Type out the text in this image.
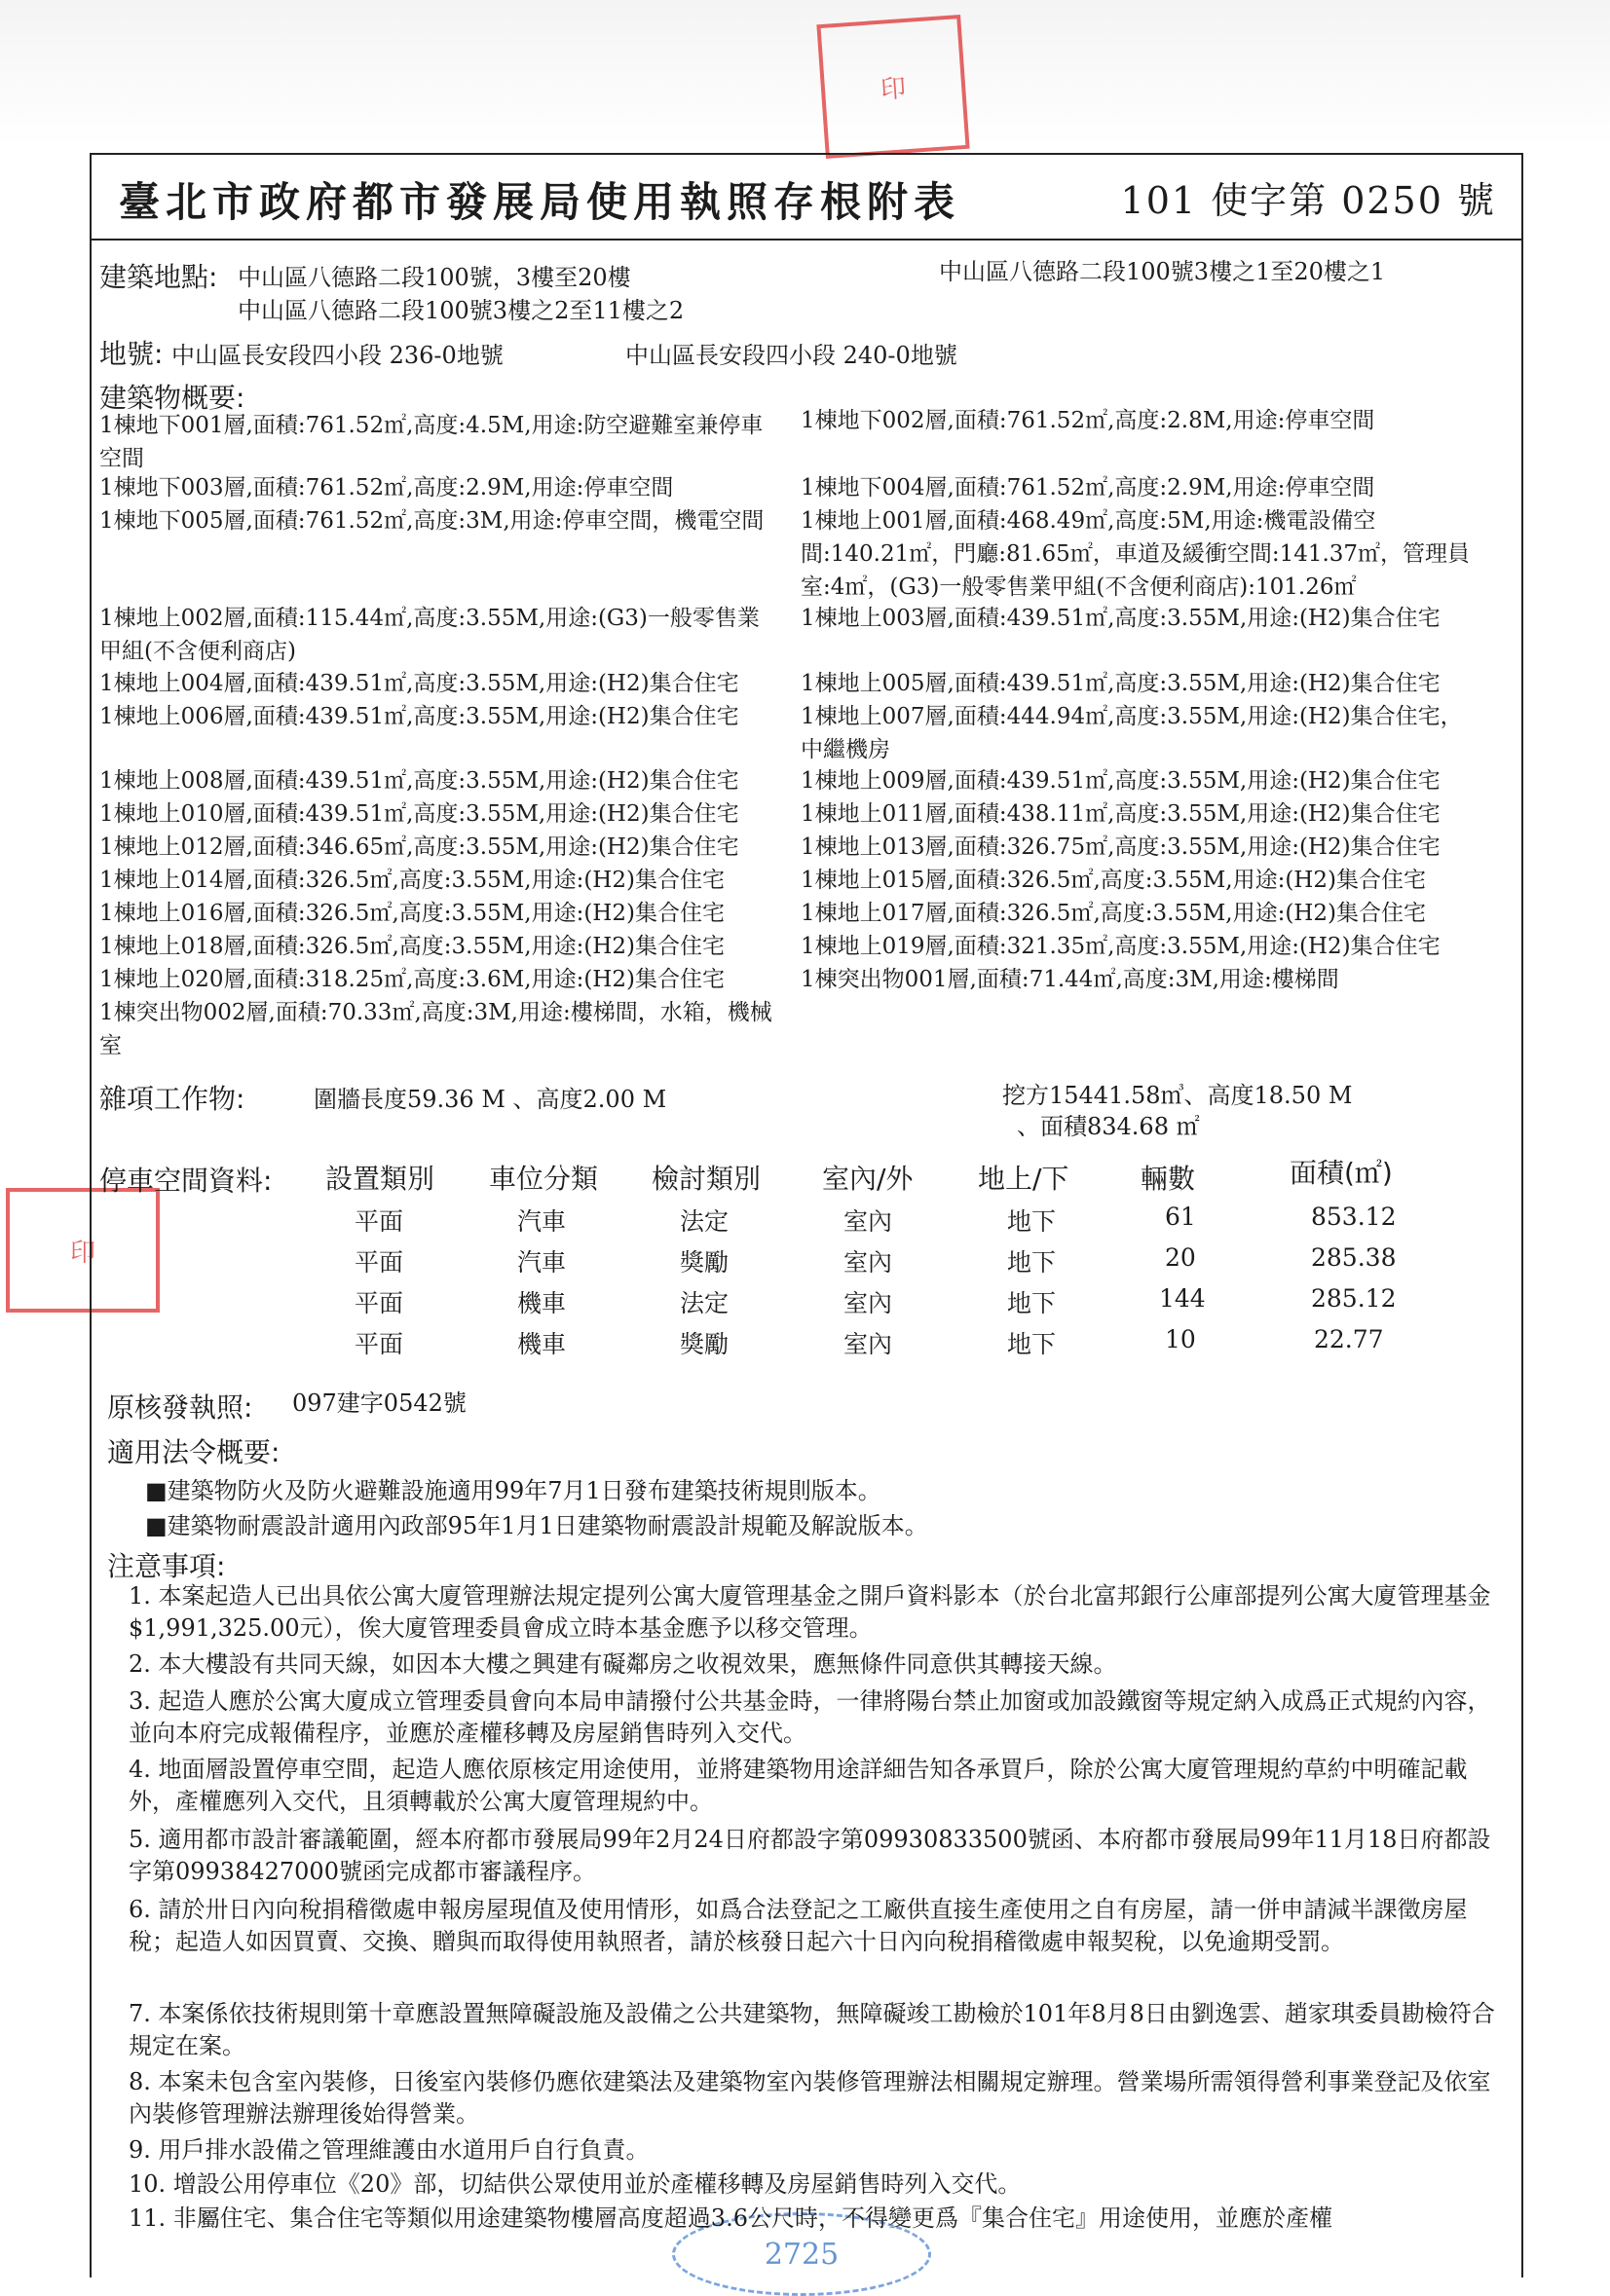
印
印
2725
臺北市政府都市發展局使用執照存根附表	101 使字第 0250 號
建築地點: 中山區八德路二段100號，3樓至20樓
中山區八德路二段100號3樓之2至11樓之2
中山區八德路二段100號3樓之1至20樓之1
地號: 中山區長安段四小段 236-0地號	中山區長安段四小段 240-0地號
建築物概要:
1棟地下001層,面積:761.52㎡,高度:4.5M,用途:防空避難室兼停車空間
1棟地下003層,面積:761.52㎡,高度:2.9M,用途:停車空間
1棟地下005層,面積:761.52㎡,高度:3M,用途:停車空間，機電空間
1棟地上002層,面積:115.44㎡,高度:3.55M,用途:(G3)一般零售業甲組(不含便利商店)
1棟地上004層,面積:439.51㎡,高度:3.55M,用途:(H2)集合住宅
1棟地上006層,面積:439.51㎡,高度:3.55M,用途:(H2)集合住宅
1棟地上008層,面積:439.51㎡,高度:3.55M,用途:(H2)集合住宅
1棟地上010層,面積:439.51㎡,高度:3.55M,用途:(H2)集合住宅
1棟地上012層,面積:346.65㎡,高度:3.55M,用途:(H2)集合住宅
1棟地上014層,面積:326.5㎡,高度:3.55M,用途:(H2)集合住宅
1棟地上016層,面積:326.5㎡,高度:3.55M,用途:(H2)集合住宅
1棟地上018層,面積:326.5㎡,高度:3.55M,用途:(H2)集合住宅
1棟地上020層,面積:318.25㎡,高度:3.6M,用途:(H2)集合住宅
1棟突出物002層,面積:70.33㎡,高度:3M,用途:樓梯間，水箱，機械室
1棟地下002層,面積:761.52㎡,高度:2.8M,用途:停車空間
1棟地下004層,面積:761.52㎡,高度:2.9M,用途:停車空間
1棟地上001層,面積:468.49㎡,高度:5M,用途:機電設備空間:140.21㎡，門廳:81.65㎡，車道及緩衝空間:141.37㎡，管理員室:4㎡，(G3)一般零售業甲組(不含便利商店):101.26㎡
1棟地上003層,面積:439.51㎡,高度:3.55M,用途:(H2)集合住宅
1棟地上005層,面積:439.51㎡,高度:3.55M,用途:(H2)集合住宅
1棟地上007層,面積:444.94㎡,高度:3.55M,用途:(H2)集合住宅，中繼機房
1棟地上009層,面積:439.51㎡,高度:3.55M,用途:(H2)集合住宅
1棟地上011層,面積:438.11㎡,高度:3.55M,用途:(H2)集合住宅
1棟地上013層,面積:326.75㎡,高度:3.55M,用途:(H2)集合住宅
1棟地上015層,面積:326.5㎡,高度:3.55M,用途:(H2)集合住宅
1棟地上017層,面積:326.5㎡,高度:3.55M,用途:(H2)集合住宅
1棟地上019層,面積:321.35㎡,高度:3.55M,用途:(H2)集合住宅
1棟突出物001層,面積:71.44㎡,高度:3M,用途:樓梯間
雜項工作物:	圍牆長度59.36 M 、高度2.00 M	挖方15441.58㎥、高度18.50 M
、面積834.68 ㎡
停車空間資料: 設置類別 車位分類 檢討類別 室內/外 地上/下	輛數	面積(㎡)
平面	汽車	法定	室內	地下	61	853.12
平面	汽車	獎勵	室內	地下	20	285.38
平面	機車	法定	室內	地下	144	285.12
平面	機車	獎勵	室內	地下	10	22.77
原核發執照: 097建字0542號
適用法令概要:
■建築物防火及防火避難設施適用99年7月1日發布建築技術規則版本。
■建築物耐震設計適用內政部95年1月1日建築物耐震設計規範及解說版本。
注意事項:
1. 本案起造人已出具依公寓大廈管理辦法規定提列公寓大廈管理基金之開戶資料影本（於台北富邦銀行公庫部提列公寓大廈管理基金$1,991,325.00元），俟大廈管理委員會成立時本基金應予以移交管理。
2. 本大樓設有共同天線，如因本大樓之興建有礙鄰房之收視效果，應無條件同意供其轉接天線。
3. 起造人應於公寓大廈成立管理委員會向本局申請撥付公共基金時，一律將陽台禁止加窗或加設鐵窗等規定納入成爲正式規約內容，並向本府完成報備程序，並應於產權移轉及房屋銷售時列入交代。
4. 地面層設置停車空間，起造人應依原核定用途使用，並將建築物用途詳細告知各承買戶，除於公寓大廈管理規約草約中明確記載外，產權應列入交代，且須轉載於公寓大廈管理規約中。
5. 適用都市設計審議範圍，經本府都市發展局99年2月24日府都設字第09930833500號函、本府都市發展局99年11月18日府都設字第09938427000號函完成都市審議程序。
6. 請於卅日內向稅捐稽徵處申報房屋現值及使用情形，如爲合法登記之工廠供直接生產使用之自有房屋，請一併申請減半課徵房屋稅；起造人如因買賣、交換、贈與而取得使用執照者，請於核發日起六十日內向稅捐稽徵處申報契稅，以免逾期受罰。
7. 本案係依技術規則第十章應設置無障礙設施及設備之公共建築物，無障礙竣工勘檢於101年8月8日由劉逸雲、趙家琪委員勘檢符合規定在案。
8. 本案未包含室內裝修，日後室內裝修仍應依建築法及建築物室內裝修管理辦法相關規定辦理。營業場所需領得營利事業登記及依室內裝修管理辦法辦理後始得營業。
9. 用戶排水設備之管理維護由水道用戶自行負責。
10. 增設公用停車位《20》部，切結供公眾使用並於產權移轉及房屋銷售時列入交代。
11. 非屬住宅、集合住宅等類似用途建築物樓層高度超過3.6公尺時，不得變更爲『集合住宅』用途使用，並應於產權
